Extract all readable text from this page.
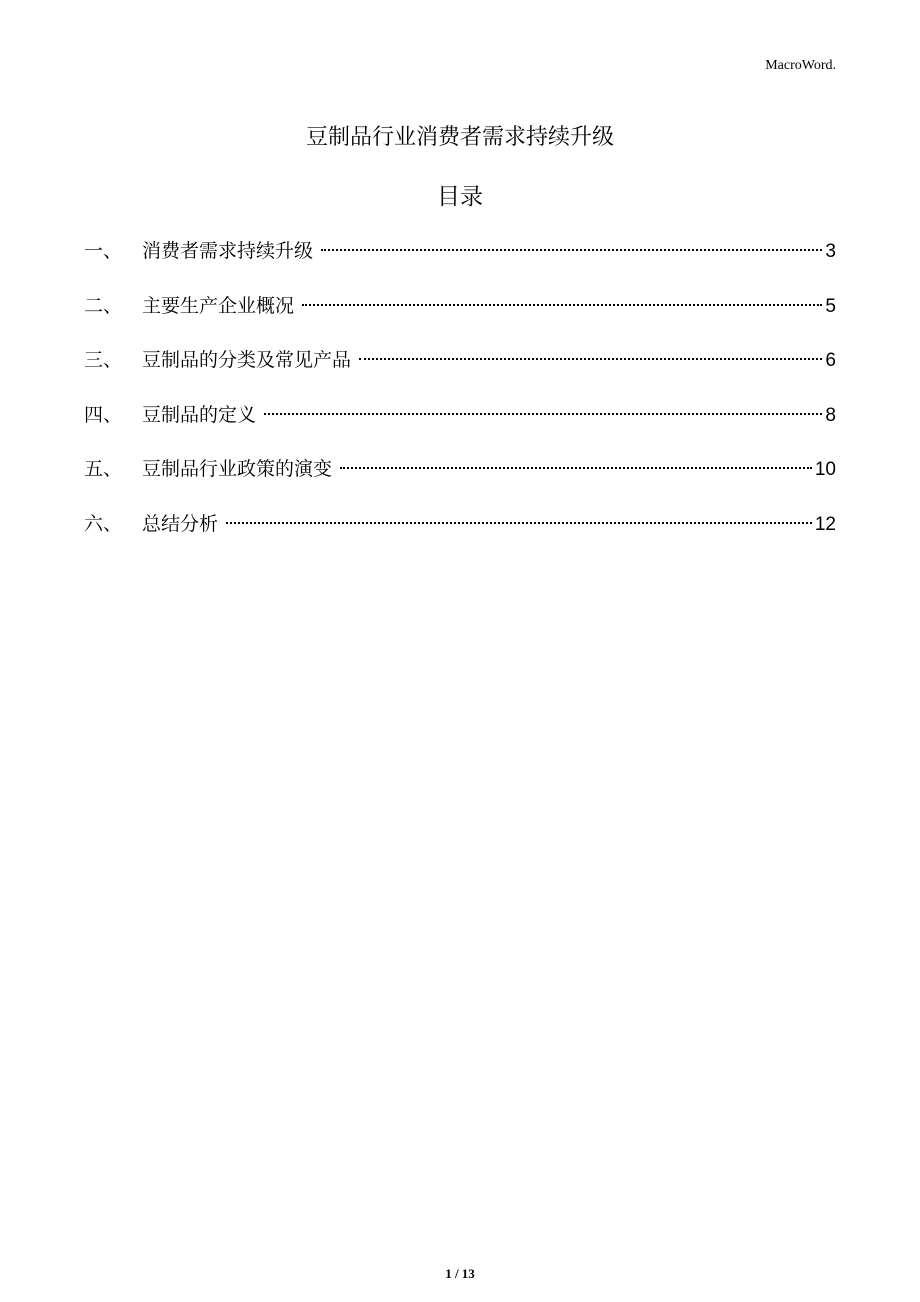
MacroWord.
豆制品行业消费者需求持续升级
目录
一、	消费者需求持续升级	3
二、	主要生产企业概况	5
三、	豆制品的分类及常见产品	6
四、	豆制品的定义	8
五、	豆制品行业政策的演变	10
六、	总结分析	12
1 / 13
